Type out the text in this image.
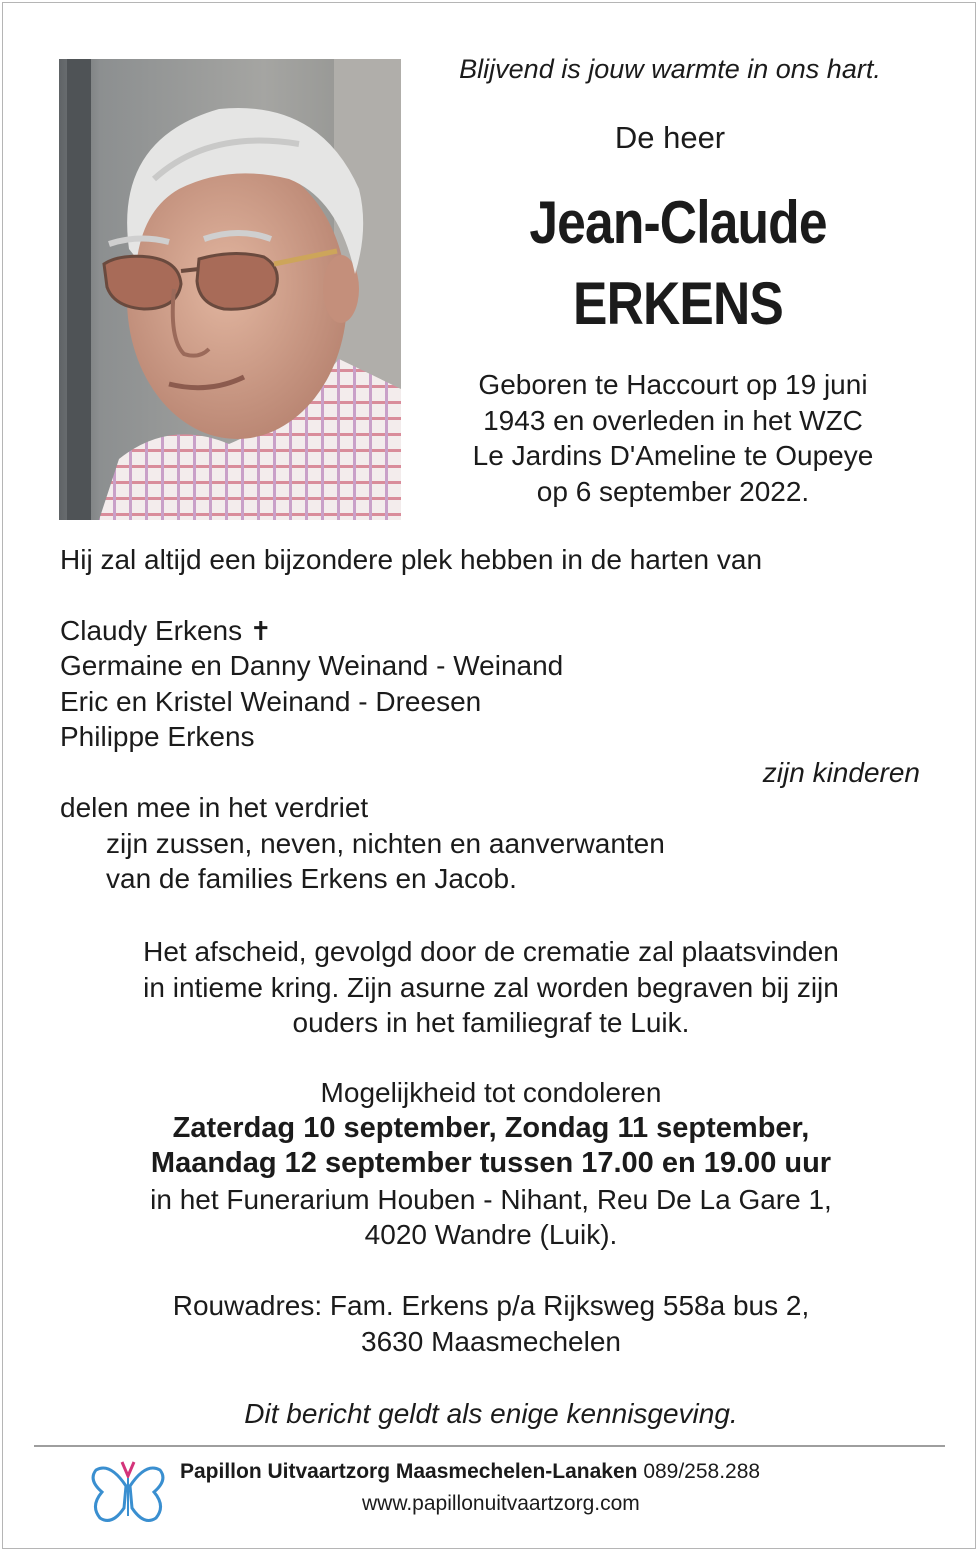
Blijvend is jouw warmte in ons hart.
De heer
Jean-Claude
ERKENS
Geboren te Haccourt op 19 juni
1943 en overleden in het WZC
Le Jardins D'Ameline te Oupeye
op 6 september 2022.
Hij zal altijd een bijzondere plek hebben in de harten van
Claudy Erkens ✝
Germaine en Danny Weinand - Weinand
Eric en Kristel Weinand - Dreesen
Philippe Erkens
zijn kinderen
delen mee in het verdriet
zijn zussen, neven, nichten en aanverwanten
van de families Erkens en Jacob.
Het afscheid, gevolgd door de crematie zal plaatsvinden
in intieme kring. Zijn asurne zal worden begraven bij zijn
ouders in het familiegraf te Luik.
Mogelijkheid tot condoleren
Zaterdag 10 september, Zondag 11 september,
Maandag 12 september tussen 17.00 en 19.00 uur
in het Funerarium Houben - Nihant, Reu De La Gare 1,
4020 Wandre (Luik).
Rouwadres: Fam. Erkens p/a Rijksweg 558a bus 2,
3630 Maasmechelen
Dit bericht geldt als enige kennisgeving.
Papillon Uitvaartzorg Maasmechelen-Lanaken 089/258.288
www.papillonuitvaartzorg.com
